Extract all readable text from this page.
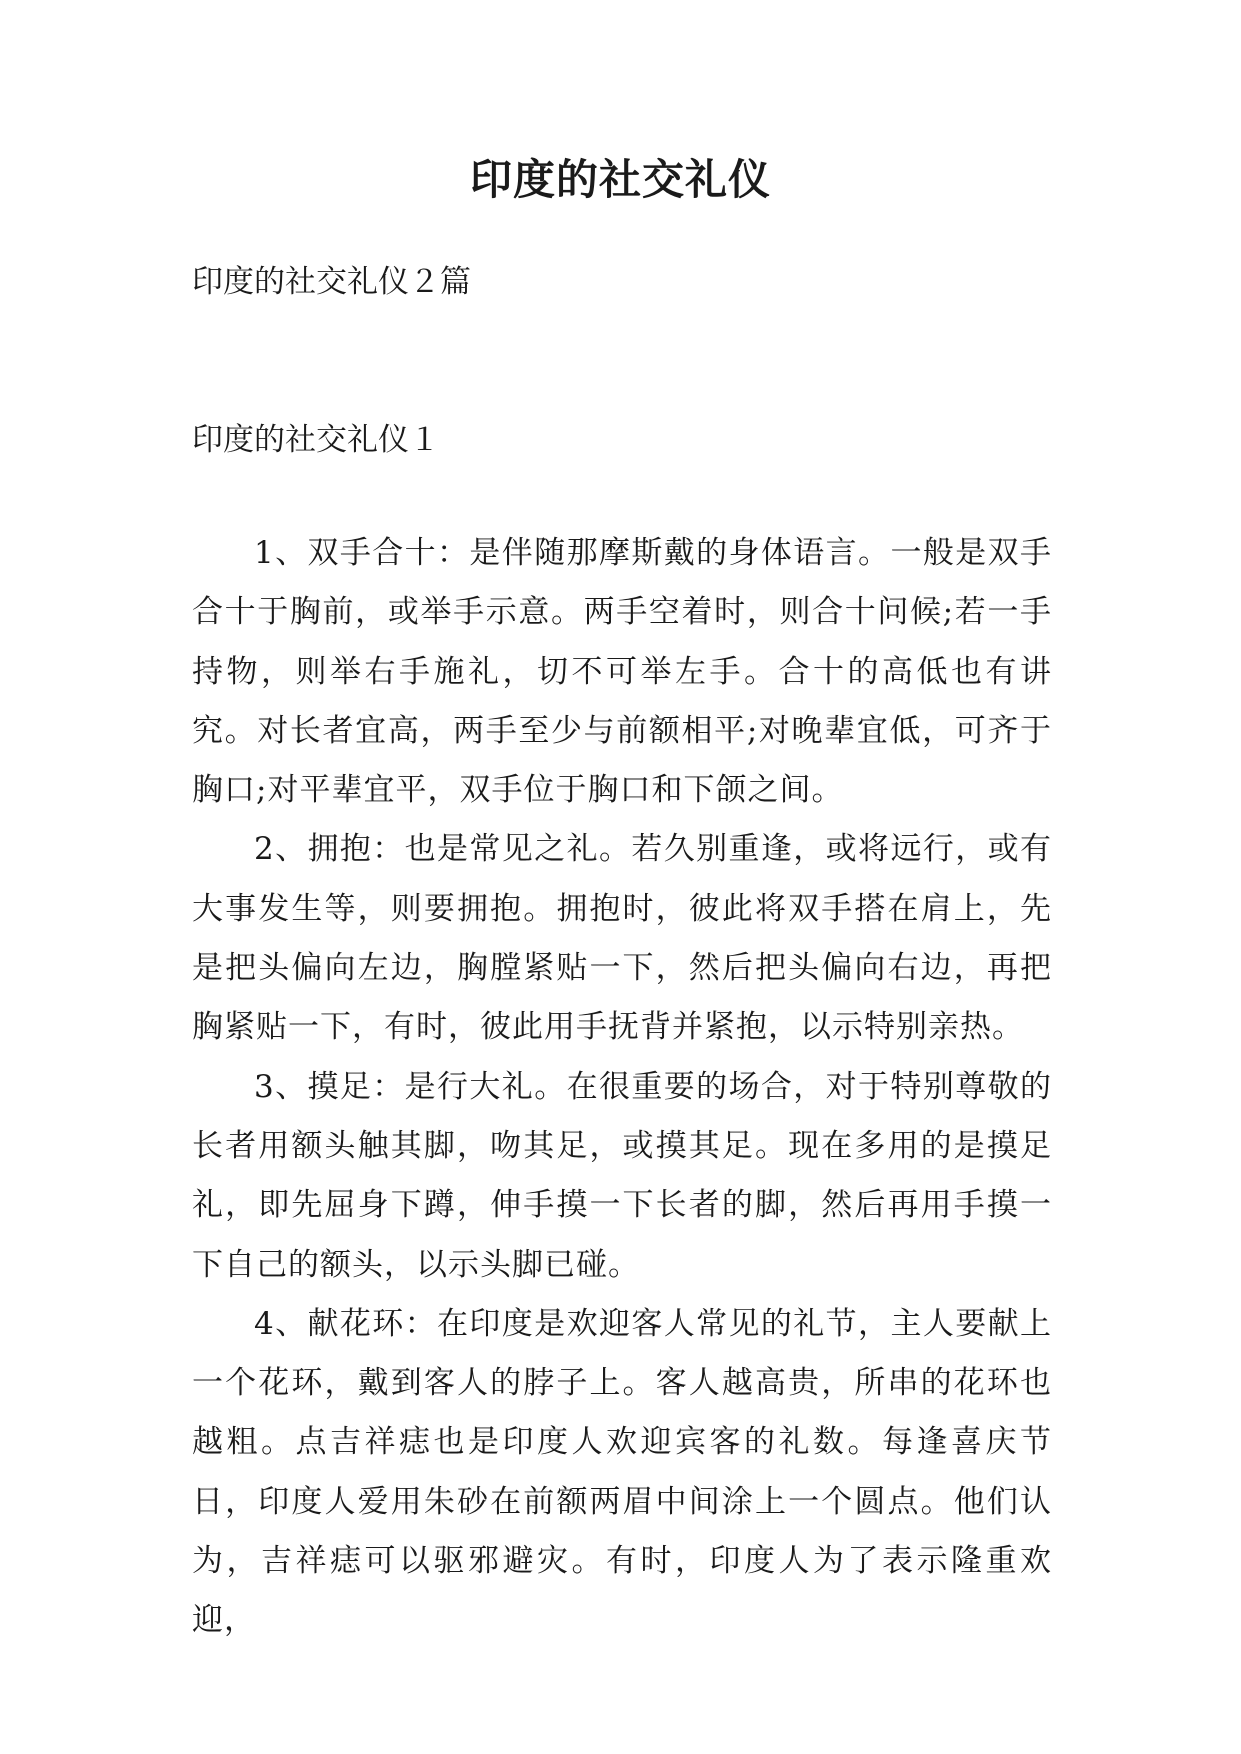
印度的社交礼仪

印度的社交礼仪２篇

印度的社交礼仪１

1、双手合十：是伴随那摩斯戴的身体语言。一般是双手合十于胸前，或举手示意。两手空着时，则合十问候;若一手持物，则举右手施礼，切不可举左手。合十的高低也有讲究。对长者宜高，两手至少与前额相平;对晚辈宜低，可齐于胸口;对平辈宜平，双手位于胸口和下颌之间。

2、拥抱：也是常见之礼。若久别重逢，或将远行，或有大事发生等，则要拥抱。拥抱时，彼此将双手搭在肩上，先是把头偏向左边，胸膛紧贴一下，然后把头偏向右边，再把胸紧贴一下，有时，彼此用手抚背并紧抱，以示特别亲热。

3、摸足：是行大礼。在很重要的场合，对于特别尊敬的长者用额头触其脚，吻其足，或摸其足。现在多用的是摸足礼，即先屈身下蹲，伸手摸一下长者的脚，然后再用手摸一下自己的额头，以示头脚已碰。

4、献花环：在印度是欢迎客人常见的礼节，主人要献上一个花环，戴到客人的脖子上。客人越高贵，所串的花环也越粗。点吉祥痣也是印度人欢迎宾客的礼数。每逢喜庆节日，印度人爱用朱砂在前额两眉中间涂上一个圆点。他们认为，吉祥痣可以驱邪避灾。有时，印度人为了表示隆重欢迎，
